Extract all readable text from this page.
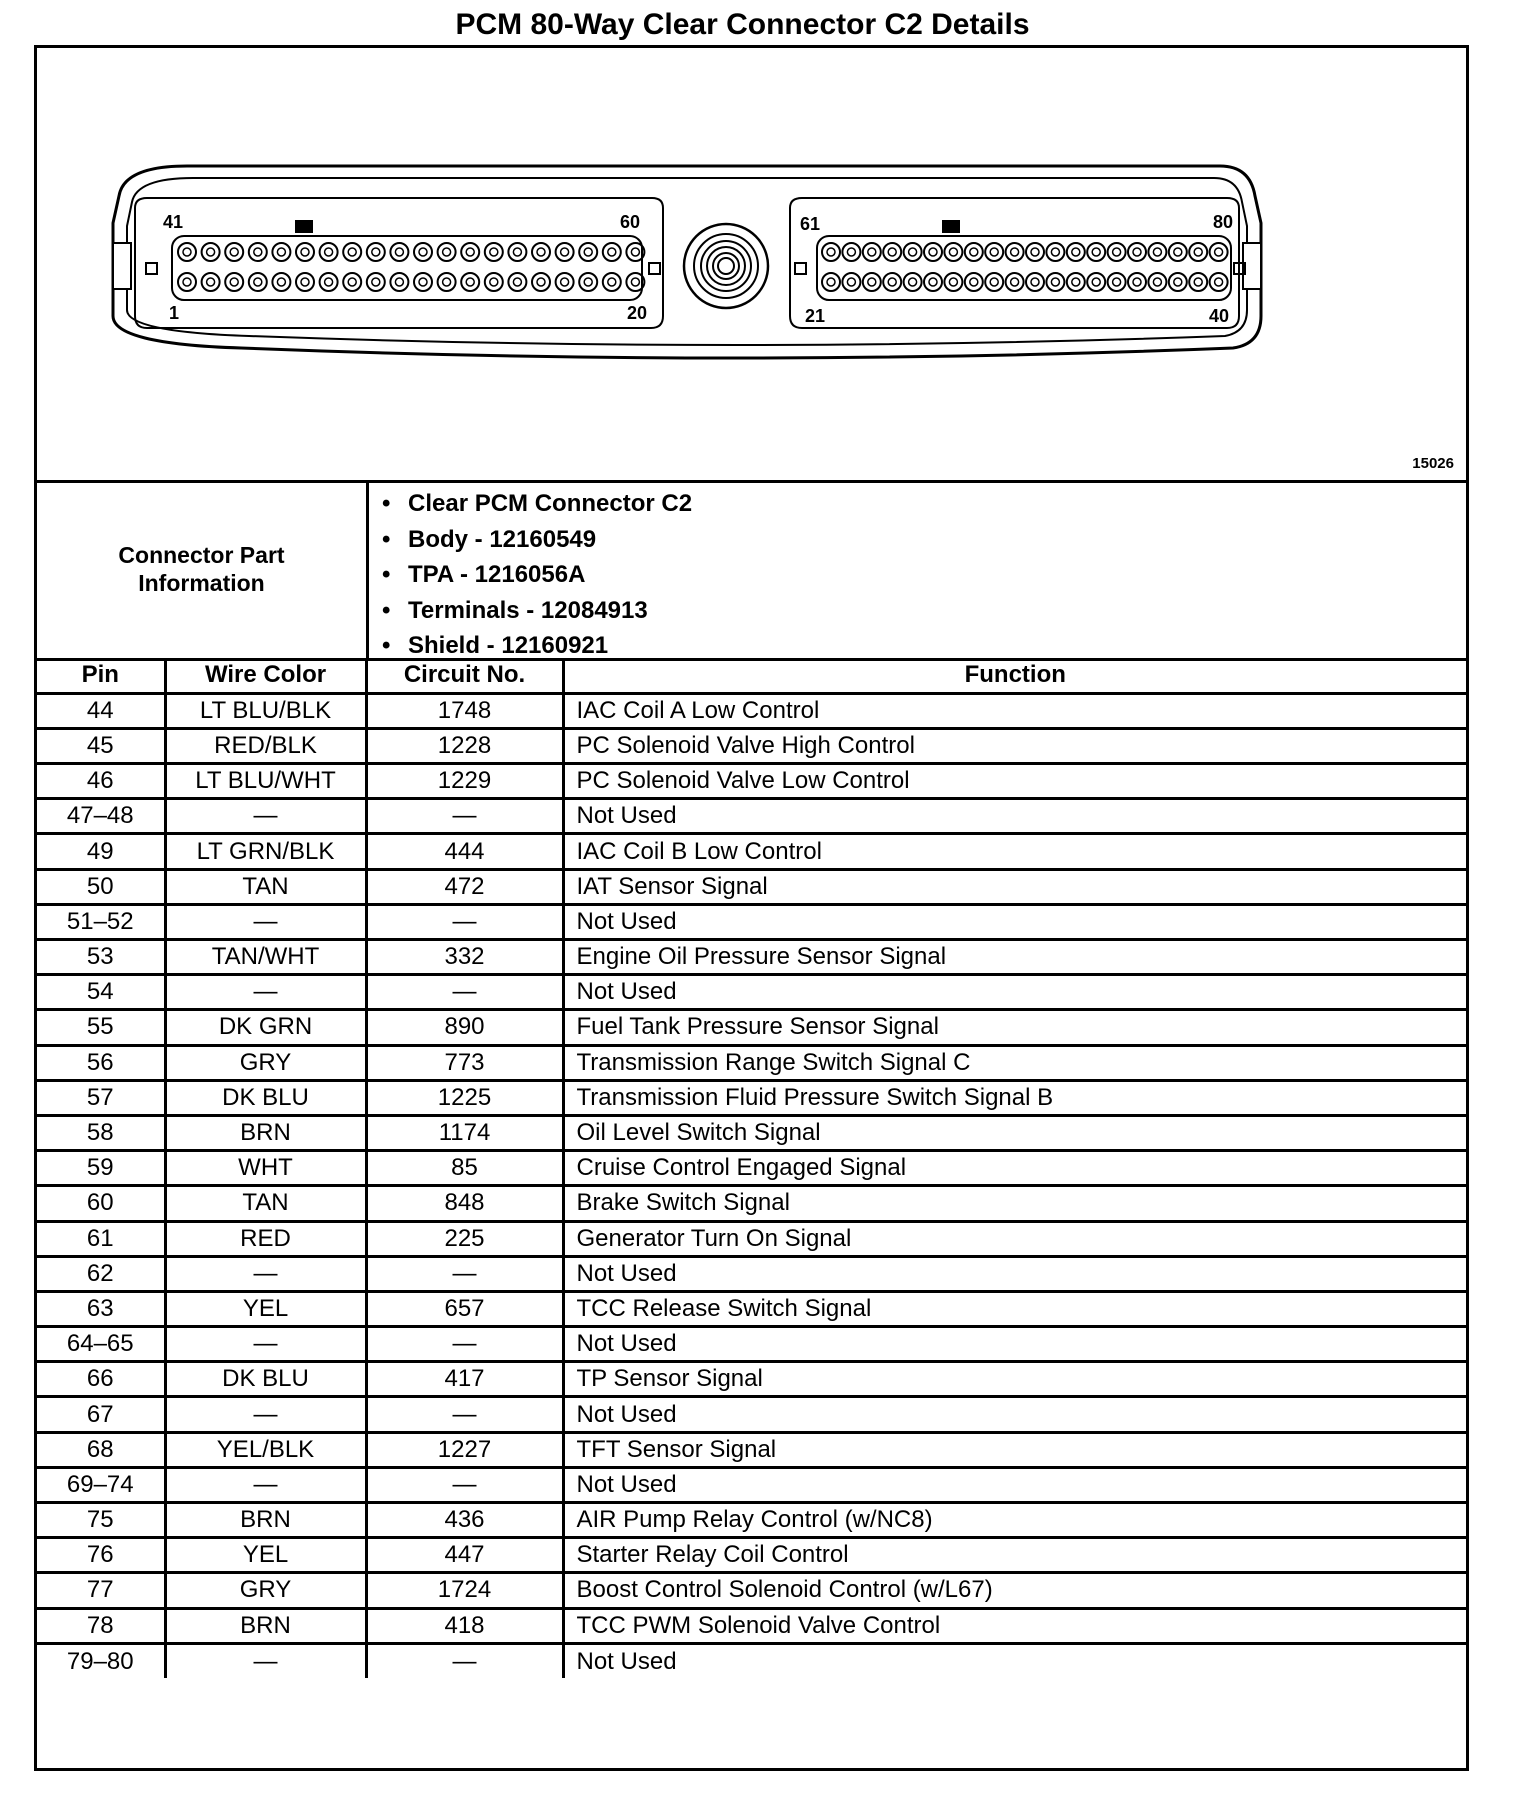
PCM 80-Way Clear Connector C2 Details
41	60
1	20
61	80
21	40
15026
Connector Part
Information
• Clear PCM Connector C2
• Body - 12160549
• TPA - 1216056A
• Terminals - 12084913
• Shield - 12160921
Pin	Wire Color	Circuit No.	Function
44	LT BLU/BLK	1748	IAC Coil A Low Control
45	RED/BLK	1228	PC Solenoid Valve High Control
46	LT BLU/WHT	1229	PC Solenoid Valve Low Control
47–48	—	—	Not Used
49	LT GRN/BLK	444	IAC Coil B Low Control
50	TAN	472	IAT Sensor Signal
51–52	—	—	Not Used
53	TAN/WHT	332	Engine Oil Pressure Sensor Signal
54	—	—	Not Used
55	DK GRN	890	Fuel Tank Pressure Sensor Signal
56	GRY	773	Transmission Range Switch Signal C
57	DK BLU	1225	Transmission Fluid Pressure Switch Signal B
58	BRN	1174	Oil Level Switch Signal
59	WHT	85	Cruise Control Engaged Signal
60	TAN	848	Brake Switch Signal
61	RED	225	Generator Turn On Signal
62	—	—	Not Used
63	YEL	657	TCC Release Switch Signal
64–65	—	—	Not Used
66	DK BLU	417	TP Sensor Signal
67	—	—	Not Used
68	YEL/BLK	1227	TFT Sensor Signal
69–74	—	—	Not Used
75	BRN	436	AIR Pump Relay Control (w/NC8)
76	YEL	447	Starter Relay Coil Control
77	GRY	1724	Boost Control Solenoid Control (w/L67)
78	BRN	418	TCC PWM Solenoid Valve Control
79–80	—	—	Not Used
